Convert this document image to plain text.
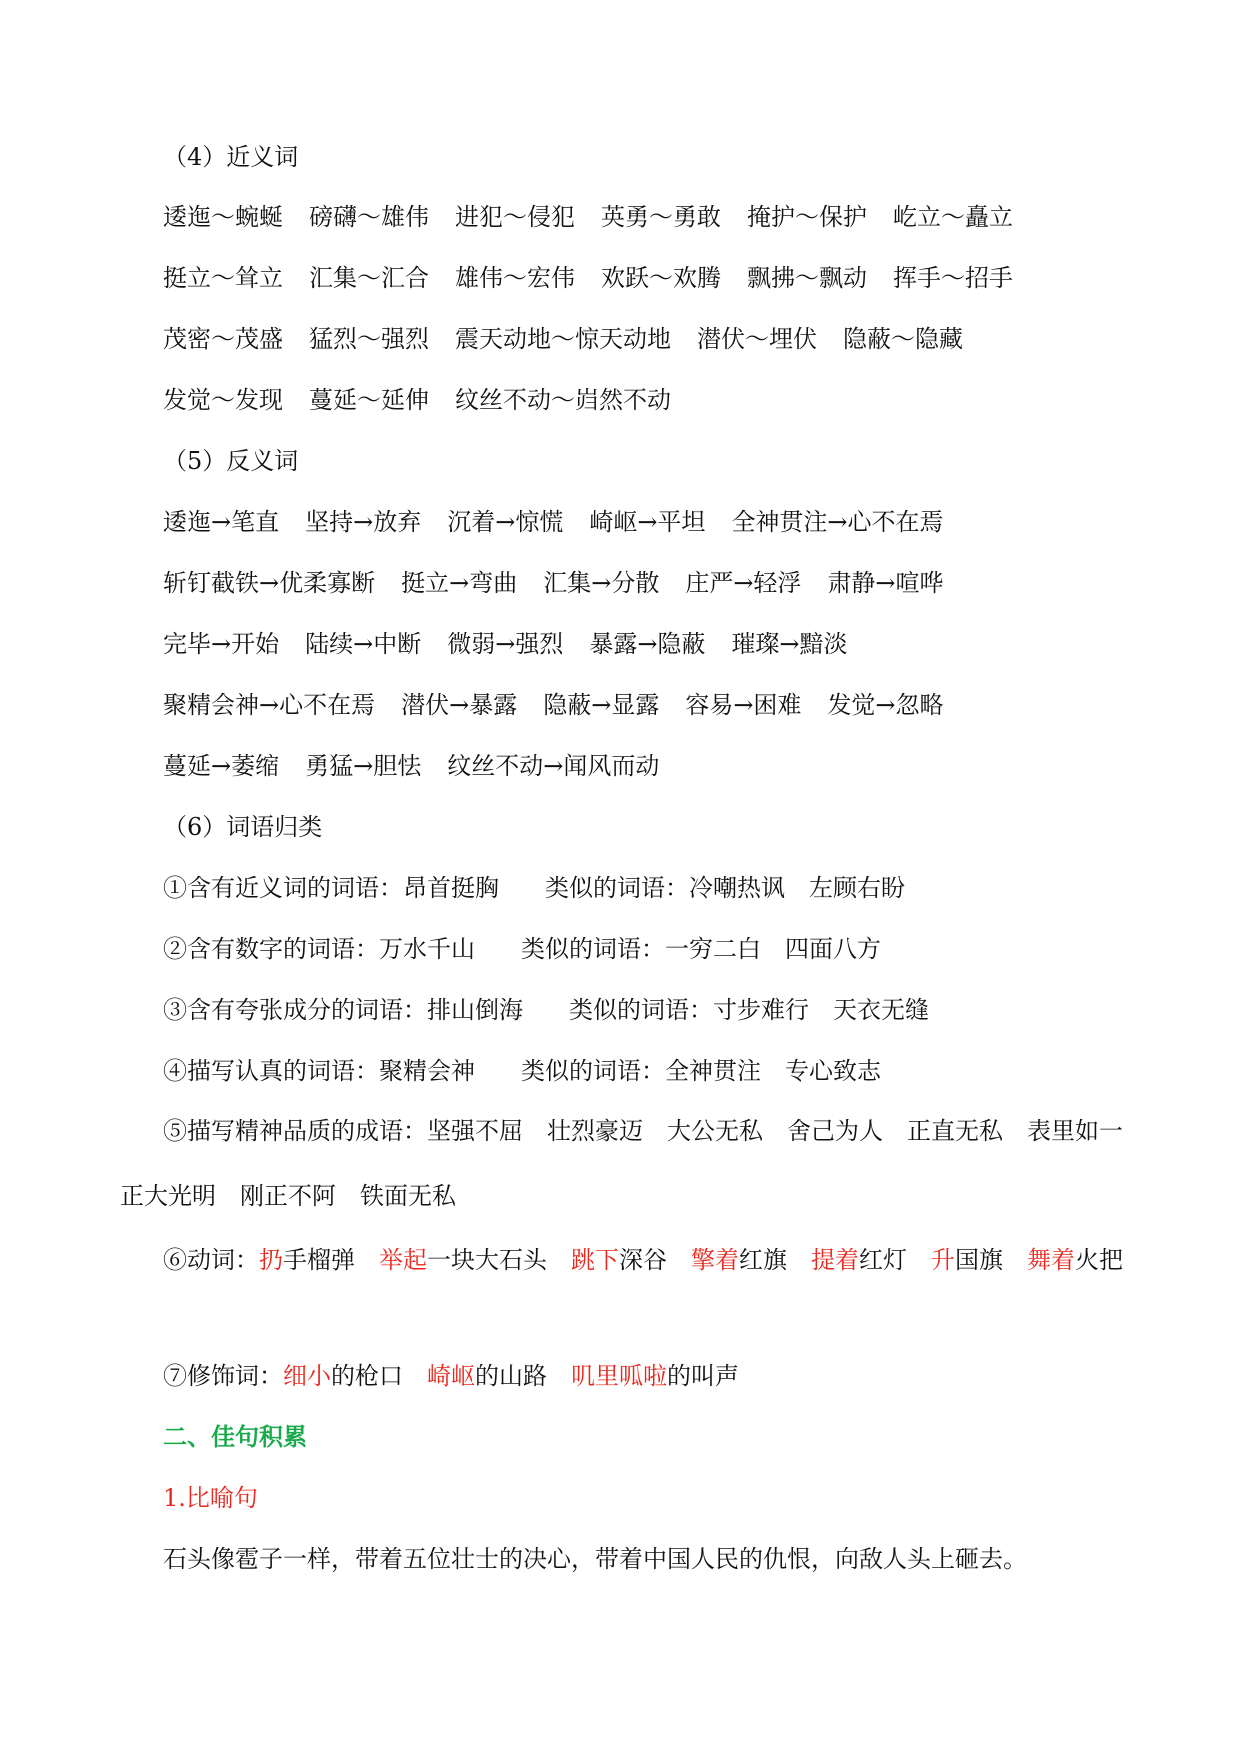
（4）近义词
逶迤～蜿蜒 磅礴～雄伟 进犯～侵犯 英勇～勇敢 掩护～保护 屹立～矗立
挺立～耸立 汇集～汇合 雄伟～宏伟 欢跃～欢腾 飘拂～飘动 挥手～招手
茂密～茂盛 猛烈～强烈 震天动地～惊天动地 潜伏～埋伏 隐蔽～隐藏
发觉～发现 蔓延～延伸 纹丝不动～岿然不动
（5）反义词
逶迤→笔直 坚持→放弃 沉着→惊慌 崎岖→平坦 全神贯注→心不在焉
斩钉截铁→优柔寡断 挺立→弯曲 汇集→分散 庄严→轻浮 肃静→喧哗
完毕→开始 陆续→中断 微弱→强烈 暴露→隐蔽 璀璨→黯淡
聚精会神→心不在焉 潜伏→暴露 隐蔽→显露 容易→困难 发觉→忽略
蔓延→萎缩 勇猛→胆怯 纹丝不动→闻风而动
（6）词语归类
①含有近义词的词语：昂首挺胸 类似的词语：冷嘲热讽　左顾右盼
②含有数字的词语：万水千山 类似的词语：一穷二白　四面八方
③含有夸张成分的词语：排山倒海 类似的词语：寸步难行　天衣无缝
④描写认真的词语：聚精会神 类似的词语：全神贯注　专心致志
⑤描写精神品质的成语：坚强不屈　壮烈豪迈　大公无私　舍己为人　正直无私　表里如一　正大光明　刚正不阿　铁面无私
⑥动词：扔手榴弹　 举起一块大石头　 跳下深谷　 擎着红旗　 提着红灯　 升国旗　 舞着火把
⑦修饰词：细小的枪口　 崎岖的山路　 叽里呱啦的叫声
二、佳句积累
1.比喻句
石头像雹子一样，带着五位壮士的决心，带着中国人民的仇恨，向敌人头上砸去。
